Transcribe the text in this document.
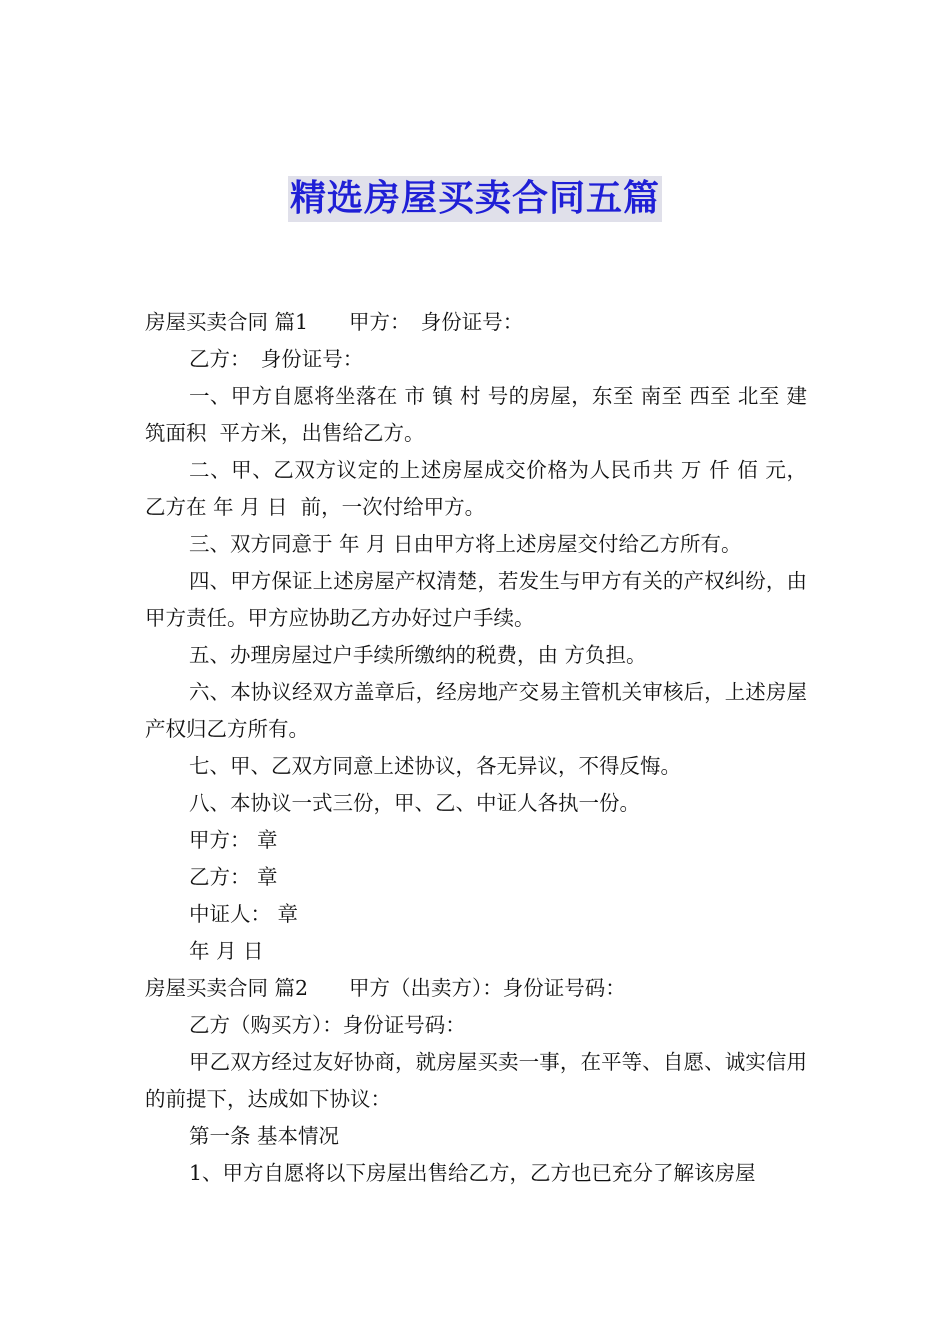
精选房屋买卖合同五篇

房屋买卖合同 篇1　　甲方：　身份证号：

乙方：　身份证号：

一、甲方自愿将坐落在 市 镇 村 号的房屋，东至 南至 西至 北至 建筑面积  平方米，出售给乙方。

二、甲、乙双方议定的上述房屋成交价格为人民币共 万 仟 佰 元，乙方在 年 月 日  前，一次付给甲方。

三、双方同意于 年 月 日由甲方将上述房屋交付给乙方所有。

四、甲方保证上述房屋产权清楚，若发生与甲方有关的产权纠纷，由甲方责任。甲方应协助乙方办好过户手续。

五、办理房屋过户手续所缴纳的税费，由 方负担。

六、本协议经双方盖章后，经房地产交易主管机关审核后，上述房屋产权归乙方所有。

七、甲、乙双方同意上述协议，各无异议，不得反悔。

八、本协议一式三份，甲、乙、中证人各执一份。

甲方： 章

乙方： 章

中证人： 章

年 月 日

房屋买卖合同 篇2　　甲方（出卖方）：身份证号码：

乙方（购买方）：身份证号码：

甲乙双方经过友好协商，就房屋买卖一事，在平等、自愿、诚实信用的前提下，达成如下协议：

第一条 基本情况

1、甲方自愿将以下房屋出售给乙方，乙方也已充分了解该房屋
